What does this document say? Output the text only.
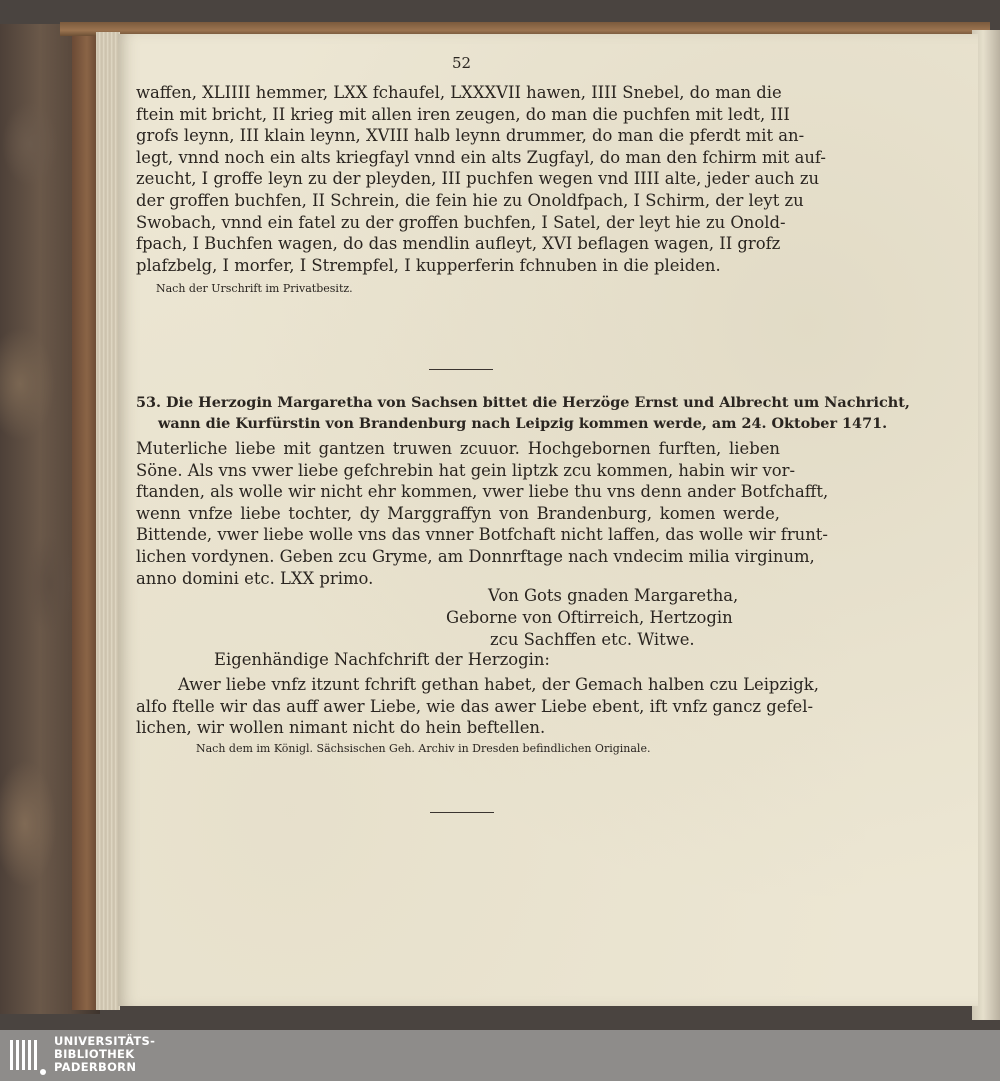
52
waffen, XLIIII hemmer, LXX fchaufel, LXXXVII hawen, IIII Snebel, do man die
ftein mit bricht, II krieg mit allen iren zeugen, do man die puchfen mit ledt, III
grofs leynn, III klain leynn, XVIII halb leynn drummer, do man die pferdt mit an-
legt, vnnd noch ein alts kriegfayl vnnd ein alts Zugfayl, do man den fchirm mit auf-
zeucht, I groffe leyn zu der pleyden, III puchfen wegen vnd IIII alte, jeder auch zu
der groffen buchfen, II Schrein, die fein hie zu Onoldfpach, I Schirm, der leyt zu
Swobach, vnnd ein fatel zu der groffen buchfen, I Satel, der leyt hie zu Onold-
fpach, I Buchfen wagen, do das mendlin aufleyt, XVI beflagen wagen, II grofz
plafzbelg, I morfer, I Strempfel, I kupperferin fchnuben in die pleiden.
Nach der Urschrift im Privatbesitz.
53. Die Herzogin Margaretha von Sachsen bittet die Herzöge Ernst und Albrecht um Nachricht,
wann die Kurfürstin von Brandenburg nach Leipzig kommen werde, am 24. Oktober 1471.
Muterliche liebe mit gantzen truwen zcuuor. Hochgebornen furften, lieben
Söne. Als vns vwer liebe gefchrebin hat gein liptzk zcu kommen, habin wir vor-
ftanden, als wolle wir nicht ehr kommen, vwer liebe thu vns denn ander Botfchafft,
wenn vnfze liebe tochter, dy Marggraffyn von Brandenburg, komen werde,
Bittende, vwer liebe wolle vns das vnner Botfchaft nicht laffen, das wolle wir frunt-
lichen vordynen. Geben zcu Gryme, am Donnrftage nach vndecim milia virginum,
anno domini etc. LXX primo.
Von Gots gnaden Margaretha,
Geborne von Oftirreich, Hertzogin
zcu Sachffen etc. Witwe.
Eigenhändige Nachfchrift der Herzogin:
Awer liebe vnfz itzunt fchrift gethan habet, der Gemach halben czu Leipzigk,
alfo ftelle wir das auff awer Liebe, wie das awer Liebe ebent, ift vnfz gancz gefel-
lichen, wir wollen nimant nicht do hein beftellen.
Nach dem im Königl. Sächsischen Geh. Archiv in Dresden befindlichen Originale.
UNIVERSITÄTS-
BIBLIOTHEK
PADERBORN
